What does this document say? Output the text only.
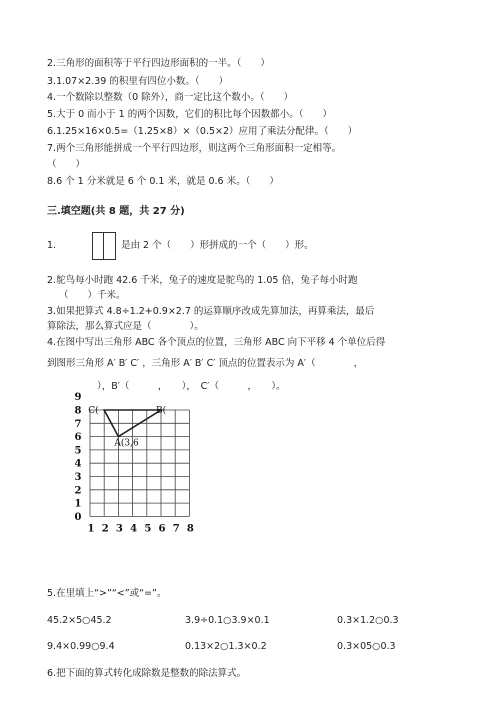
2.三角形的面积等于平行四边形面积的一半。（　　）
3.1.07×2.39 的积里有四位小数。（　　）
4.一个数除以整数（0 除外），商一定比这个数小。（　　）
5.大于 0 而小于 1 的两个因数，它们的积比每个因数都小。（　　）
6.1.25×16×0.5=（1.25×8）×（0.5×2）应用了乘法分配律。（　　）
7.两个三角形能拼成一个平行四边形，则这两个三角形面积一定相等。
（　　）
8.6 个 1 分米就是 6 个 0.1 米，就是 0.6 米。（　　）
三.填空题(共 8 题，共 27 分)
1.	是由 2 个（　　）形拼成的一个（　　）形。
2.鸵鸟每小时跑 42.6 千米，兔子的速度是鸵鸟的 1.05 倍，兔子每小时跑
（　　）千米。
3.如果把算式 4.8÷1.2+0.9×2.7 的运算顺序改成先算加法，再算乘法，最后
算除法，那么算式应是（　　　　）。
4.在图中写出三角形 ABC 各个顶点的位置，三角形 ABC 向下平移 4 个单位后得
到图形三角形 A′ B′ C′ ，三角形 A′ B′ C′ 顶点的位置表示为 A′（　　　　，
　　），B′（　　　，　　），　C′（　　　，　　）。
0
1
2
3
4
5
6
7
8
9
1 2 3 4 5 6 7 8
C(	B(
A(3,6
5.在里填上“>”“<”或“=”。
45.2×5○45.2	3.9÷0.1○3.9×0.1	0.3×1.2○0.3
9.4×0.99○9.4	0.13×2○1.3×0.2	0.3×05○0.3
6.把下面的算式转化成除数是整数的除法算式。
